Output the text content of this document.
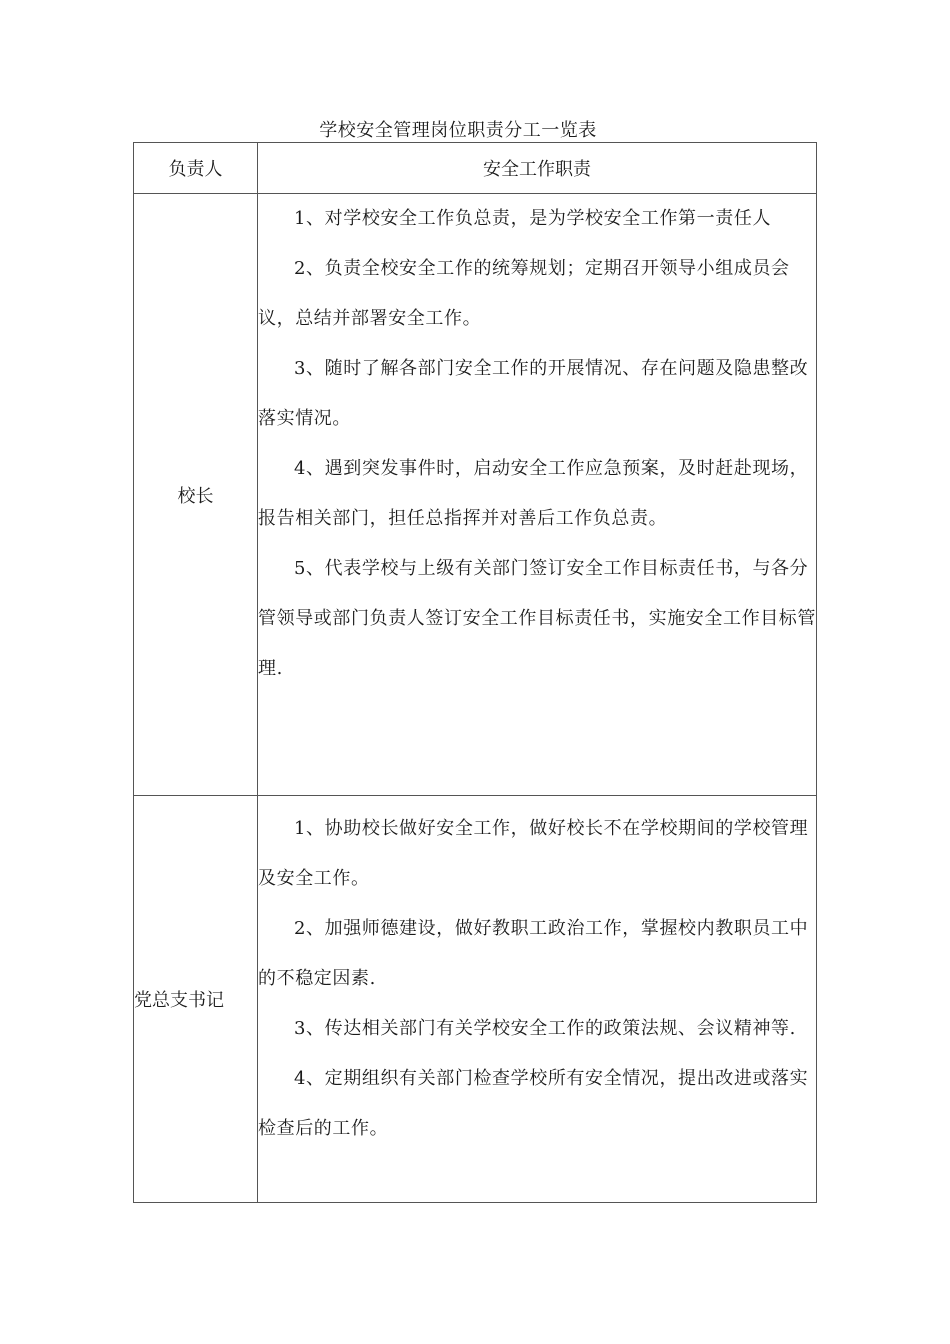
学校安全管理岗位职责分工一览表
负责人	安全工作职责
校长	1、对学校安全工作负总责，是为学校安全工作第一责任人

2、负责全校安全工作的统筹规划；定期召开领导小组成员会议，总结并部署安全工作。

3、随时了解各部门安全工作的开展情况、存在问题及隐患整改落实情况。

4、遇到突发事件时，启动安全工作应急预案，及时赶赴现场，报告相关部门，担任总指挥并对善后工作负总责。

5、代表学校与上级有关部门签订安全工作目标责任书，与各分管领导或部门负责人签订安全工作目标责任书，实施安全工作目标管理.

党总支书记	1、协助校长做好安全工作，做好校长不在学校期间的学校管理及安全工作。

2、加强师德建设，做好教职工政治工作，掌握校内教职员工中的不稳定因素.

3、传达相关部门有关学校安全工作的政策法规、会议精神等.

4、定期组织有关部门检查学校所有安全情况，提出改进或落实检查后的工作。
